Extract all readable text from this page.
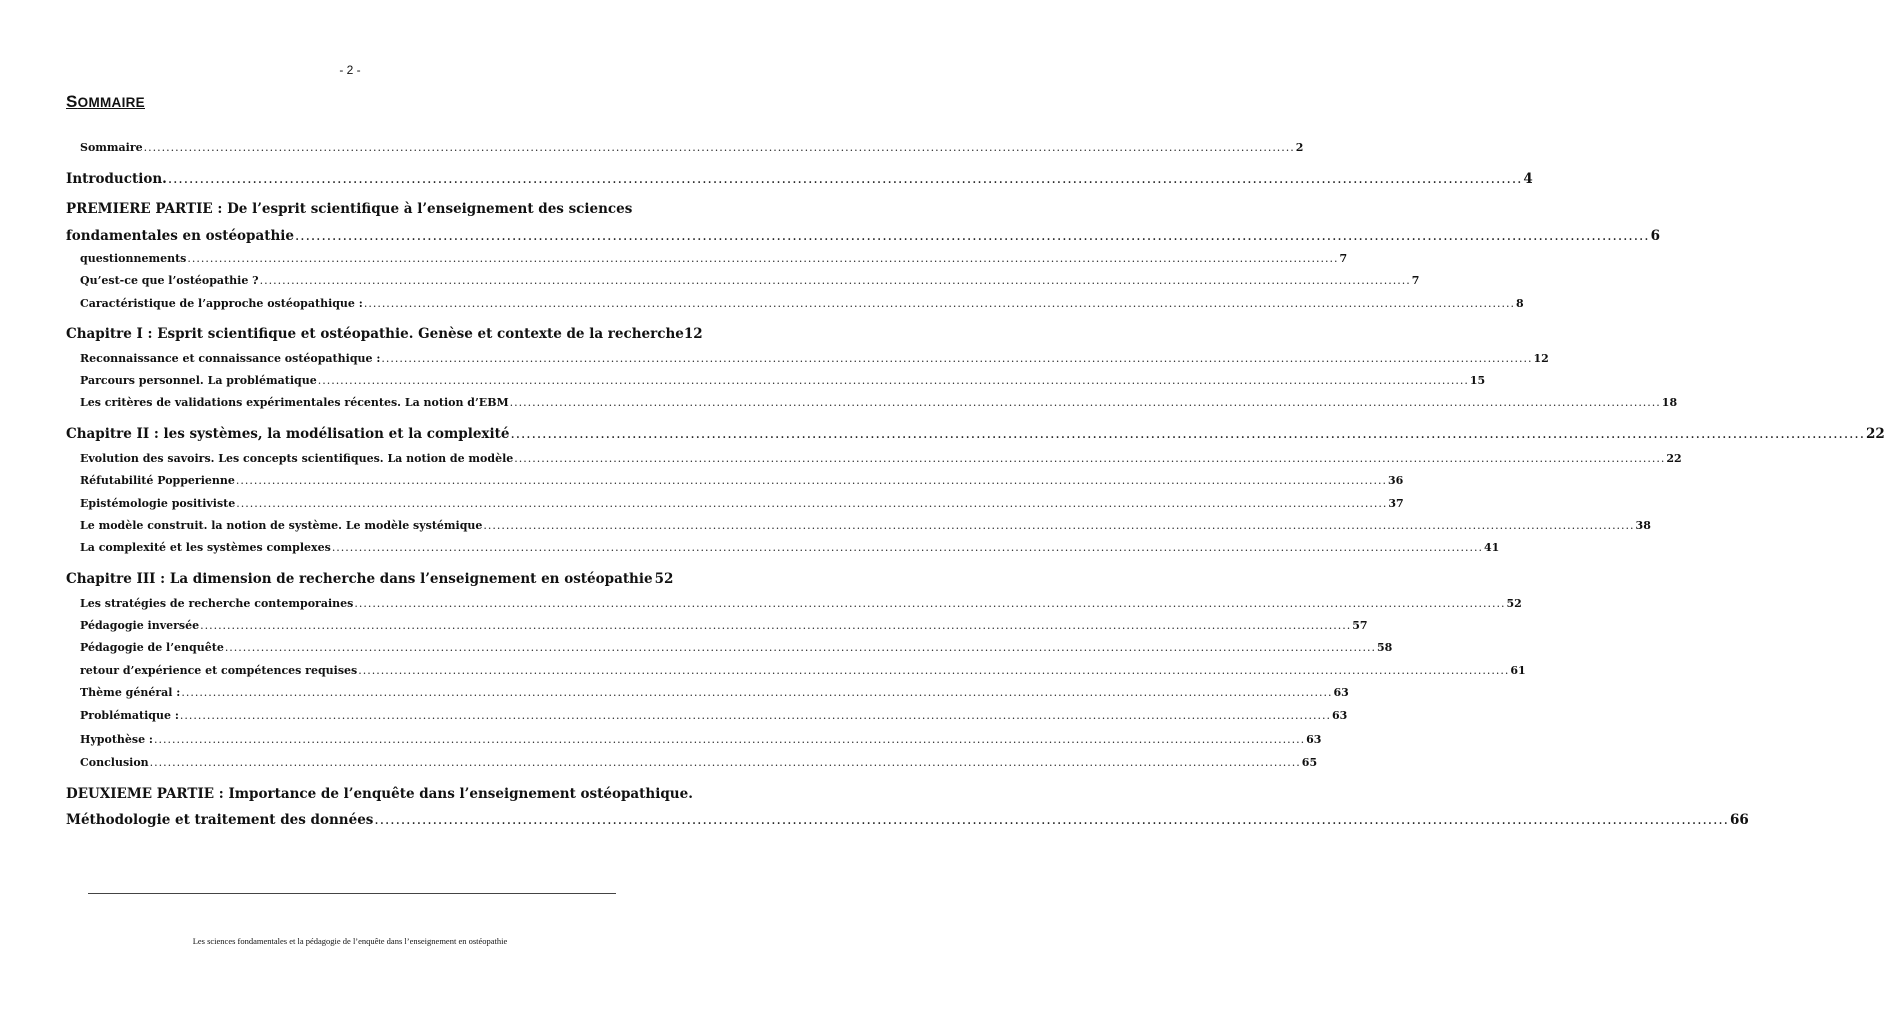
- 2 -
SOMMAIRE
Sommaire .....	2
Introduction. .....	4
PREMIERE PARTIE : De l’esprit scientifique à l’enseignement des sciences
fondamentales en ostéopathie .....	6
questionnements .....	7
Qu’est-ce que l’ostéopathie ? .....	7
Caractéristique de l’approche ostéopathique : .....	8
Chapitre I : Esprit scientifique et ostéopathie. Genèse et contexte de la recherche 12
Reconnaissance et connaissance ostéopathique : .....	12
Parcours personnel. La problématique .....	15
Les critères de validations expérimentales récentes. La notion d’EBM .....	18
Chapitre II : les systèmes, la modélisation et la complexité .....	22
Evolution des savoirs. Les concepts scientifiques. La notion de modèle .....	22
Réfutabilité Popperienne .....	36
Epistémologie positiviste .....	37
Le modèle construit. la notion de système. Le modèle systémique .....	38
La complexité et les systèmes complexes .....	41
Chapitre III : La dimension de recherche dans l’enseignement en ostéopathie 52
Les stratégies de recherche contemporaines .....	52
Pédagogie inversée .....	57
Pédagogie de l’enquête .....	58
retour d’expérience et compétences requises .....	61
Thème général : .....	63
Problématique : .....	63
Hypothèse : .....	63
Conclusion .....	65
DEUXIEME PARTIE : Importance de l’enquête dans l’enseignement ostéopathique.
Méthodologie et traitement des données .....	66
Les sciences fondamentales et la pédagogie de l’enquête dans l’enseignement en ostéopathie
